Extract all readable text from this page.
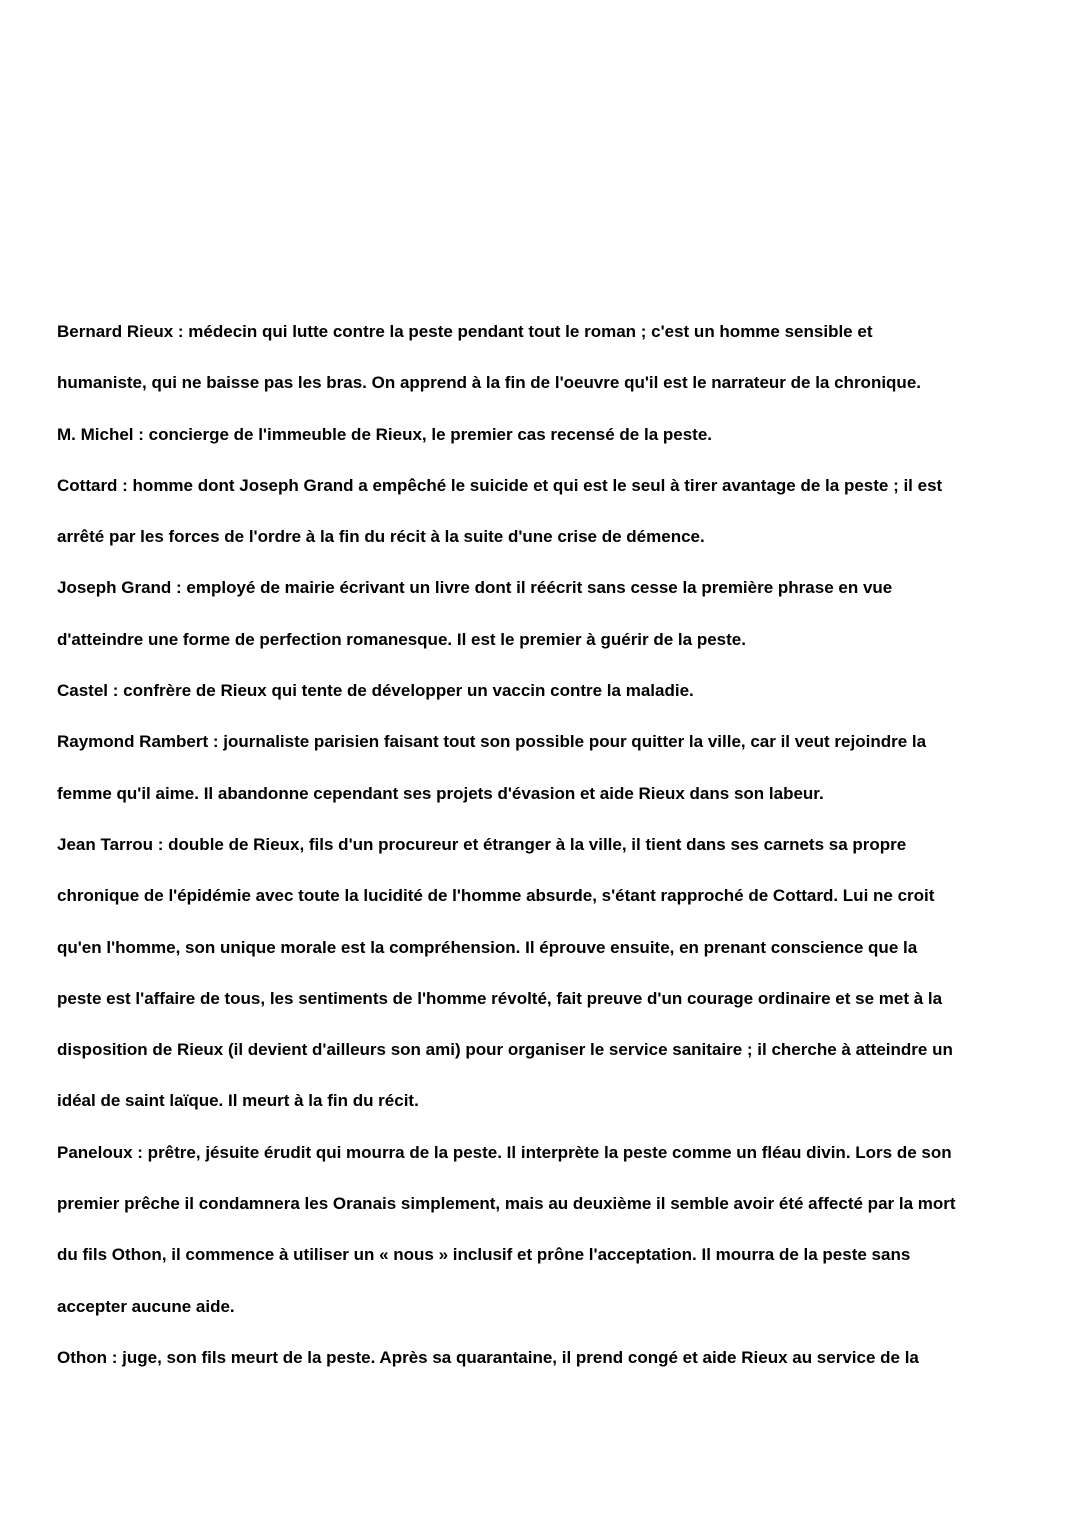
Bernard Rieux : médecin qui lutte contre la peste pendant tout le roman ; c'est un homme sensible et
humaniste, qui ne baisse pas les bras. On apprend à la fin de l'oeuvre qu'il est le narrateur de la chronique.

M. Michel : concierge de l'immeuble de Rieux, le premier cas recensé de la peste.

Cottard : homme dont Joseph Grand a empêché le suicide et qui est le seul à tirer avantage de la peste ; il est
arrêté par les forces de l'ordre à la fin du récit à la suite d'une crise de démence.

Joseph Grand : employé de mairie écrivant un livre dont il réécrit sans cesse la première phrase en vue
d'atteindre une forme de perfection romanesque. Il est le premier à guérir de la peste.

Castel : confrère de Rieux qui tente de développer un vaccin contre la maladie.

Raymond Rambert : journaliste parisien faisant tout son possible pour quitter la ville, car il veut rejoindre la
femme qu'il aime. Il abandonne cependant ses projets d'évasion et aide Rieux dans son labeur.

Jean Tarrou : double de Rieux, fils d'un procureur et étranger à la ville, il tient dans ses carnets sa propre
chronique de l'épidémie avec toute la lucidité de l'homme absurde, s'étant rapproché de Cottard. Lui ne croit
qu'en l'homme, son unique morale est la compréhension. Il éprouve ensuite, en prenant conscience que la
peste est l'affaire de tous, les sentiments de l'homme révolté, fait preuve d'un courage ordinaire et se met à la
disposition de Rieux (il devient d'ailleurs son ami) pour organiser le service sanitaire ; il cherche à atteindre un
idéal de saint laïque. Il meurt à la fin du récit.

Paneloux : prêtre, jésuite érudit qui mourra de la peste. Il interprète la peste comme un fléau divin. Lors de son
premier prêche il condamnera les Oranais simplement, mais au deuxième il semble avoir été affecté par la mort
du fils Othon, il commence à utiliser un « nous » inclusif et prône l'acceptation. Il mourra de la peste sans
accepter aucune aide.

Othon : juge, son fils meurt de la peste. Après sa quarantaine, il prend congé et aide Rieux au service de la
